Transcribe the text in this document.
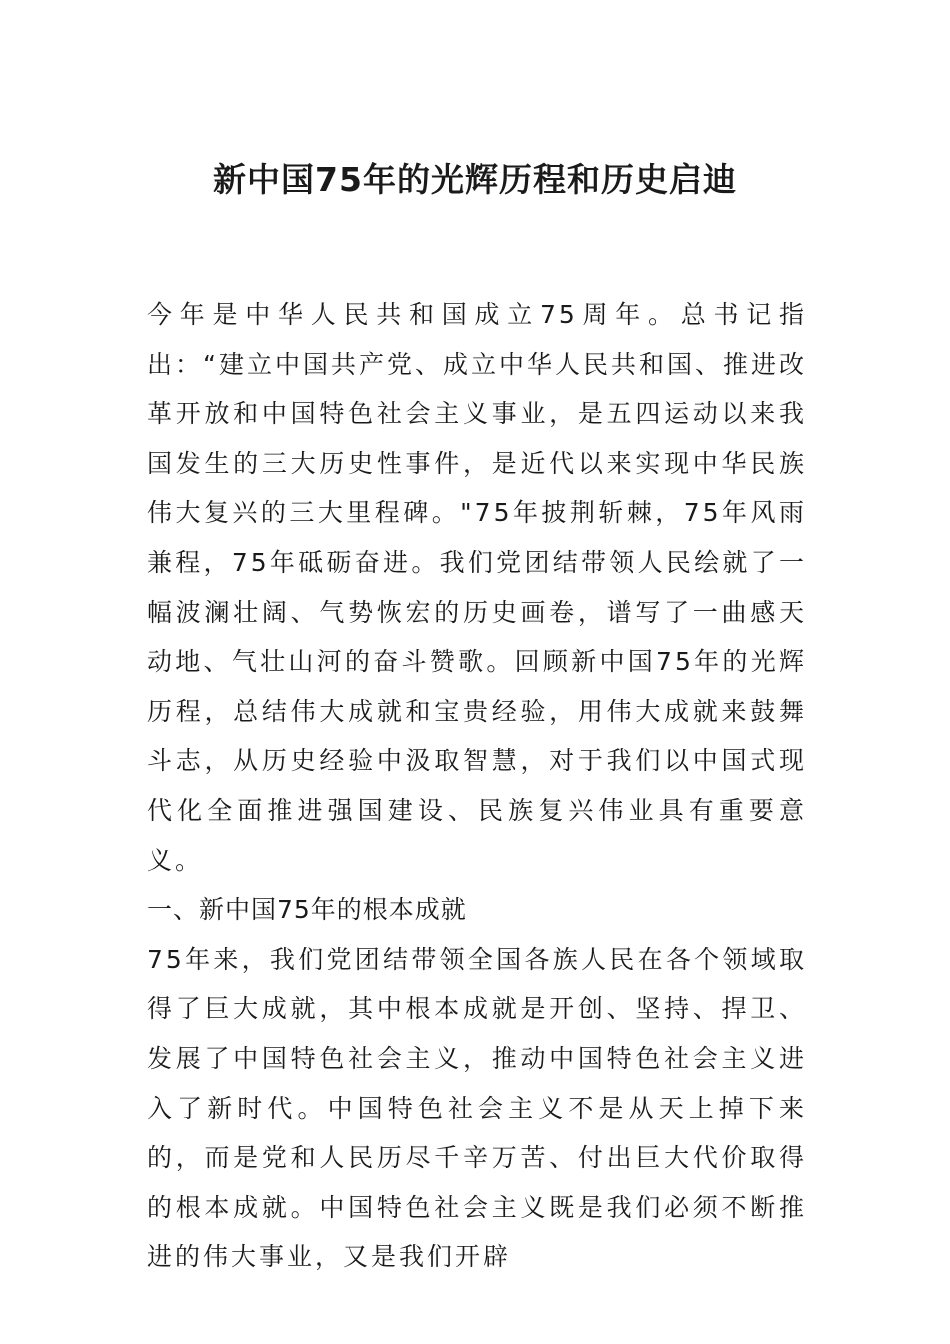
新中国75年的光辉历程和历史启迪

今年是中华人民共和国成立75周年。总书记指出：“建立中国共产党、成立中华人民共和国、推进改革开放和中国特色社会主义事业，是五四运动以来我国发生的三大历史性事件，是近代以来实现中华民族伟大复兴的三大里程碑。"75年披荆斩棘，75年风雨兼程，75年砥砺奋进。我们党团结带领人民绘就了一幅波澜壮阔、气势恢宏的历史画卷，谱写了一曲感天动地、气壮山河的奋斗赞歌。回顾新中国75年的光辉历程，总结伟大成就和宝贵经验，用伟大成就来鼓舞斗志，从历史经验中汲取智慧，对于我们以中国式现代化全面推进强国建设、民族复兴伟业具有重要意义。

一、新中国75年的根本成就

75年来，我们党团结带领全国各族人民在各个领域取得了巨大成就，其中根本成就是开创、坚持、捍卫、发展了中国特色社会主义，推动中国特色社会主义进入了新时代。中国特色社会主义不是从天上掉下来的，而是党和人民历尽千辛万苦、付出巨大代价取得的根本成就。中国特色社会主义既是我们必须不断推进的伟大事业，又是我们开辟
